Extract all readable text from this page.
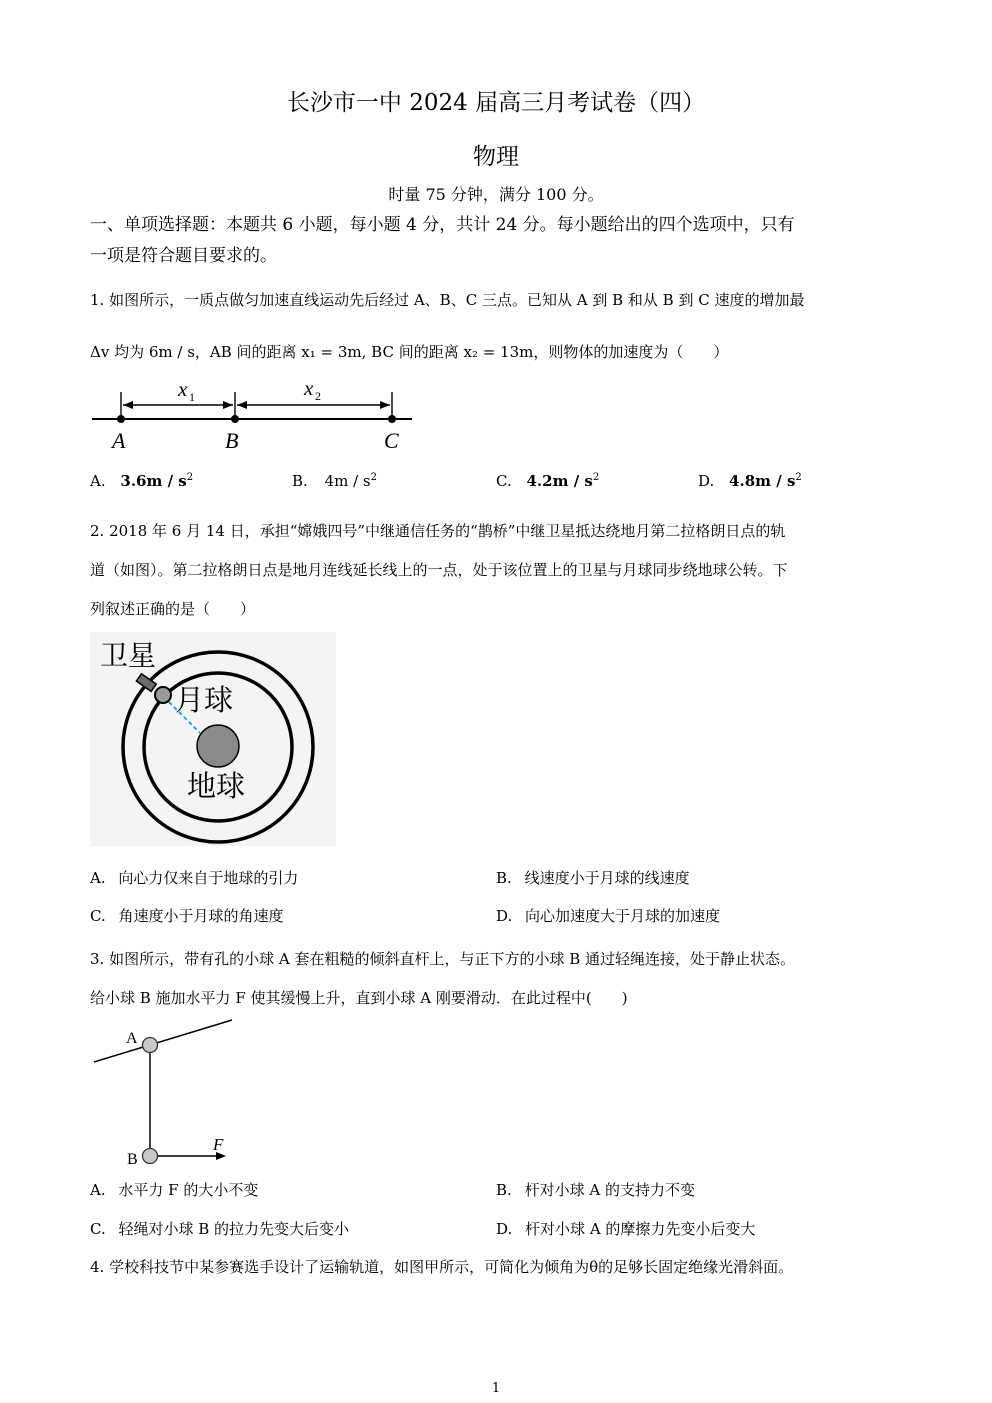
长沙市一中 2024 届高三月考试卷（四）
物理
时量 75 分钟，满分 100 分。
一、单项选择题：本题共 6 小题，每小题 4 分，共计 24 分。每小题给出的四个选项中，只有
一项是符合题目要求的。
1. 如图所示，一质点做匀加速直线运动先后经过 A、B、C 三点。已知从 A 到 B 和从 B 到 C 速度的增加最
Δv 均为 6m / s，AB 间的距离 x₁ = 3m, BC 间的距离 x₂ = 13m，则物体的加速度为（　　）
x 1	x 2
A	B	C
A. $3.6m / s^2$	B. $4m / s^2$	C. $4.2m / s^2$	D. $4.8m / s^2$
2. 2018 年 6 月 14 日，承担“嫦娥四号”中继通信任务的“鹊桥”中继卫星抵达绕地月第二拉格朗日点的轨
道（如图）。第二拉格朗日点是地月连线延长线上的一点，处于该位置上的卫星与月球同步绕地球公转。下
列叙述正确的是（　　）
卫星
月球
地球
A. 向心力仅来自于地球的引力	B. 线速度小于月球的线速度
C. 角速度小于月球的角速度	D. 向心加速度大于月球的加速度
3. 如图所示，带有孔的小球 A 套在粗糙的倾斜直杆上，与正下方的小球 B 通过轻绳连接，处于静止状态。
给小球 B 施加水平力 F 使其缓慢上升，直到小球 A 刚要滑动．在此过程中(　　)
A
B
F
A. 水平力 F 的大小不变	B. 杆对小球 A 的支持力不变
C. 轻绳对小球 B 的拉力先变大后变小	D. 杆对小球 A 的摩擦力先变小后变大
4. 学校科技节中某参赛选手设计了运输轨道，如图甲所示，可简化为倾角为θ的足够长固定绝缘光滑斜面。
1
